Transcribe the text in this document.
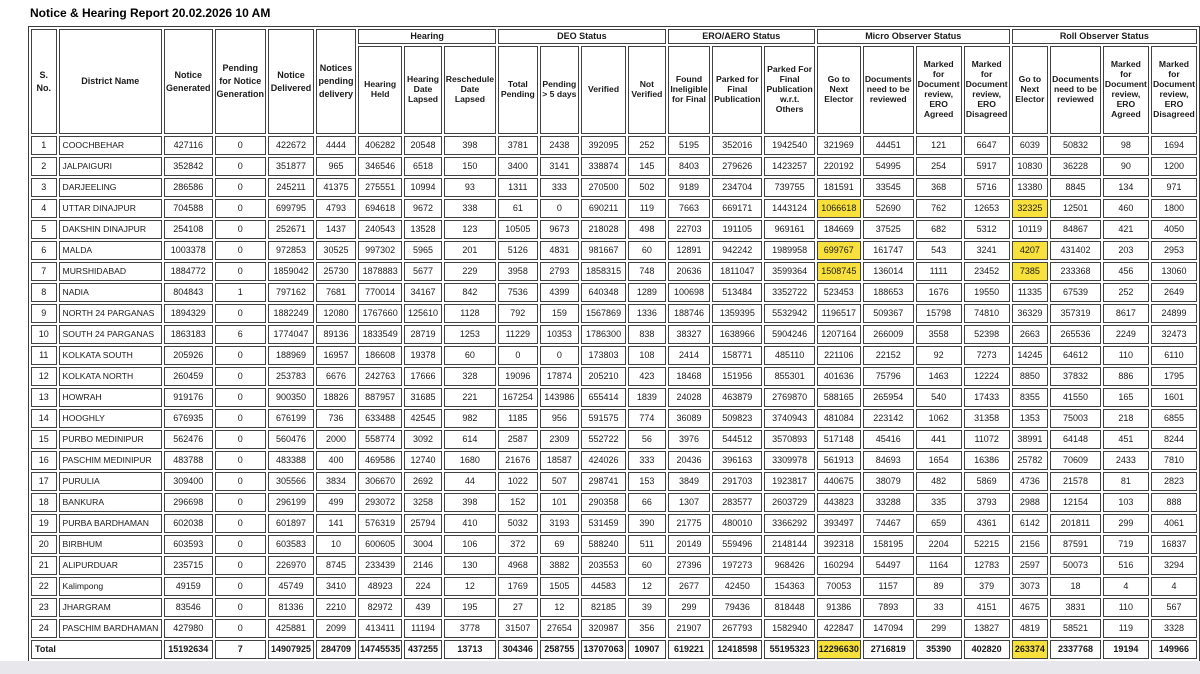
Notice & Hearing Report 20.02.2026 10 AM
S. No.	District Name	Notice Generated	Pending for Notice Generation	Notice Delivered	Notices pending delivery	Hearing			DEO Status				ERO/AERO Status			Micro Observer Status				Roll Observer Status			
						Hearing Held	Hearing Date Lapsed	Reschedule Date Lapsed	Total Pending	Pending > 5 days	Verified	Not Verified	Found Ineligible for Final	Parked for Final Publication	Parked For Final Publication w.r.t. Others	Go to Next Elector	Documents need to be reviewed	Marked for Document review, ERO Agreed	Marked for Document review, ERO Disagreed	Go to Next Elector	Documents need to be reviewed	Marked for Document review, ERO Agreed	Marked for Document review, ERO Disagreed
1	COOCHBEHAR	427116	0	422672	4444	406282	20548	398	3781	2438	392095	252	5195	352016	1942540	321969	44451	121	6647	6039	50832	98	1694
2	JALPAIGURI	352842	0	351877	965	346546	6518	150	3400	3141	338874	145	8403	279626	1423257	220192	54995	254	5917	10830	36228	90	1200
3	DARJEELING	286586	0	245211	41375	275551	10994	93	1311	333	270500	502	9189	234704	739755	181591	33545	368	5716	13380	8845	134	971
4	UTTAR DINAJPUR	704588	0	699795	4793	694618	9672	338	61	0	690211	119	7663	669171	1443124	1066618	52690	762	12653	32325	12501	460	1800
5	DAKSHIN DINAJPUR	254108	0	252671	1437	240543	13528	123	10505	9673	218028	498	22703	191105	969161	184669	37525	682	5312	10119	84867	421	4050
6	MALDA	1003378	0	972853	30525	997302	5965	201	5126	4831	981667	60	12891	942242	1989958	699767	161747	543	3241	4207	431402	203	2953
7	MURSHIDABAD	1884772	0	1859042	25730	1878883	5677	229	3958	2793	1858315	748	20636	1811047	3599364	1508745	136014	1111	23452	7385	233368	456	13060
8	NADIA	804843	1	797162	7681	770014	34167	842	7536	4399	640348	1289	100698	513484	3352722	523453	188653	1676	19550	11335	67539	252	2649
9	NORTH 24 PARGANAS	1894329	0	1882249	12080	1767660	125610	1128	792	159	1567869	1336	188746	1359395	5532942	1196517	509367	15798	74810	36329	357319	8617	24899
10	SOUTH 24 PARGANAS	1863183	6	1774047	89136	1833549	28719	1253	11229	10353	1786300	838	38327	1638966	5904246	1207164	266009	3558	52398	2663	265536	2249	32473
11	KOLKATA SOUTH	205926	0	188969	16957	186608	19378	60	0	0	173803	108	2414	158771	485110	221106	22152	92	7273	14245	64612	110	6110
12	KOLKATA NORTH	260459	0	253783	6676	242763	17666	328	19096	17874	205210	423	18468	151956	855301	401636	75796	1463	12224	8850	37832	886	1795
13	HOWRAH	919176	0	900350	18826	887957	31685	221	167254	143986	655414	1839	24028	463879	2769870	588165	265954	540	17433	8355	41550	165	1601
14	HOOGHLY	676935	0	676199	736	633488	42545	982	1185	956	591575	774	36089	509823	3740943	481084	223142	1062	31358	1353	75003	218	6855
15	PURBO MEDINIPUR	562476	0	560476	2000	558774	3092	614	2587	2309	552722	56	3976	544512	3570893	517148	45416	441	11072	38991	64148	451	8244
16	PASCHIM MEDINIPUR	483788	0	483388	400	469586	12740	1680	21676	18587	424026	333	20436	396163	3309978	561913	84693	1654	16386	25782	70609	2433	7810
17	PURULIA	309400	0	305566	3834	306670	2692	44	1022	507	298741	153	3849	291703	1923817	440675	38079	482	5869	4736	21578	81	2823
18	BANKURA	296698	0	296199	499	293072	3258	398	152	101	290358	66	1307	283577	2603729	443823	33288	335	3793	2988	12154	103	888
19	PURBA BARDHAMAN	602038	0	601897	141	576319	25794	410	5032	3193	531459	390	21775	480010	3366292	393497	74467	659	4361	6142	201811	299	4061
20	BIRBHUM	603593	0	603583	10	600605	3004	106	372	69	588240	511	20149	559496	2148144	392318	158195	2204	52215	2156	87591	719	16837
21	ALIPURDUAR	235715	0	226970	8745	233439	2146	130	4968	3882	203553	60	27396	197273	968426	160294	54497	1164	12783	2597	50073	516	3294
22	Kalimpong	49159	0	45749	3410	48923	224	12	1769	1505	44583	12	2677	42450	154363	70053	1157	89	379	3073	18	4	4
23	JHARGRAM	83546	0	81336	2210	82972	439	195	27	12	82185	39	299	79436	818448	91386	7893	33	4151	4675	3831	110	567
24	PASCHIM BARDHAMAN	427980	0	425881	2099	413411	11194	3778	31507	27654	320987	356	21907	267793	1582940	422847	147094	299	13827	4819	58521	119	3328
Total		15192634	7	14907925	284709	14745535	437255	13713	304346	258755	13707063	10907	619221	12418598	55195323	12296630	2716819	35390	402820	263374	2337768	19194	149966
